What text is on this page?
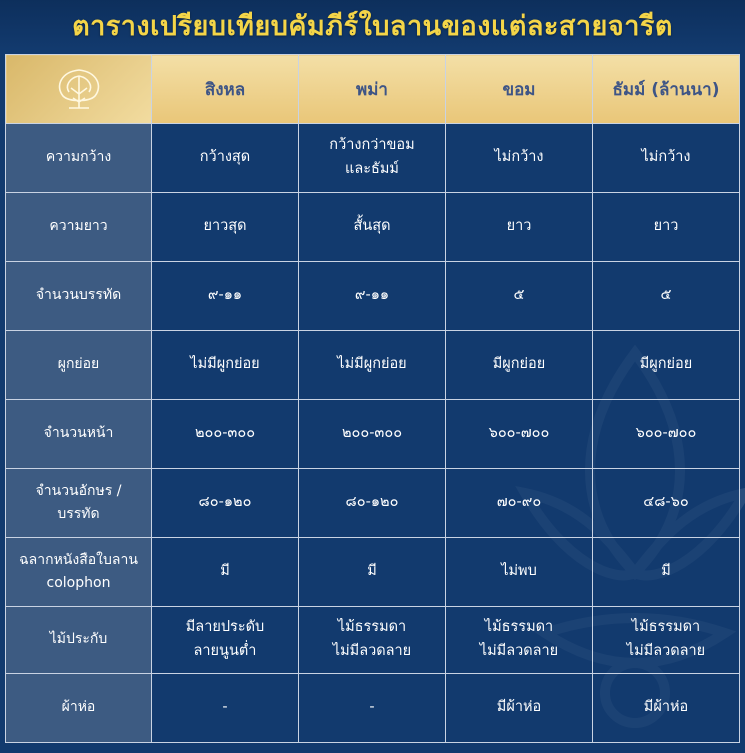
ตารางเปรียบเทียบคัมภีร์ใบลานของแต่ละสายจารีต
	สิงหล	พม่า	ขอม	ธัมม์ (ล้านนา)

ความกว้าง	กว้างสุด	กว้างกว่าขอม
และธัมม์	ไม่กว้าง	ไม่กว้าง

ความยาว	ยาวสุด	สั้นสุด	ยาว	ยาว

จำนวนบรรทัด	๙-๑๑	๙-๑๑	๕	๕

ผูกย่อย	ไม่มีผูกย่อย	ไม่มีผูกย่อย	มีผูกย่อย	มีผูกย่อย

จำนวนหน้า	๒๐๐-๓๐๐	๒๐๐-๓๐๐	๖๐๐-๗๐๐	๖๐๐-๗๐๐

จำนวนอักษร /
บรรทัด	๘๐-๑๒๐	๘๐-๑๒๐	๗๐-๙๐	๔๘-๖๐

ฉลากหนังสือใบลาน
colophon	มี	มี	ไม่พบ	มี

ไม้ประกับ	มีลายประดับ
ลายนูนต่ำ	ไม้ธรรมดา
ไม่มีลวดลาย	ไม้ธรรมดา
ไม่มีลวดลาย	ไม้ธรรมดา
ไม่มีลวดลาย

ผ้าห่อ	-	-	มีผ้าห่อ	มีผ้าห่อ
